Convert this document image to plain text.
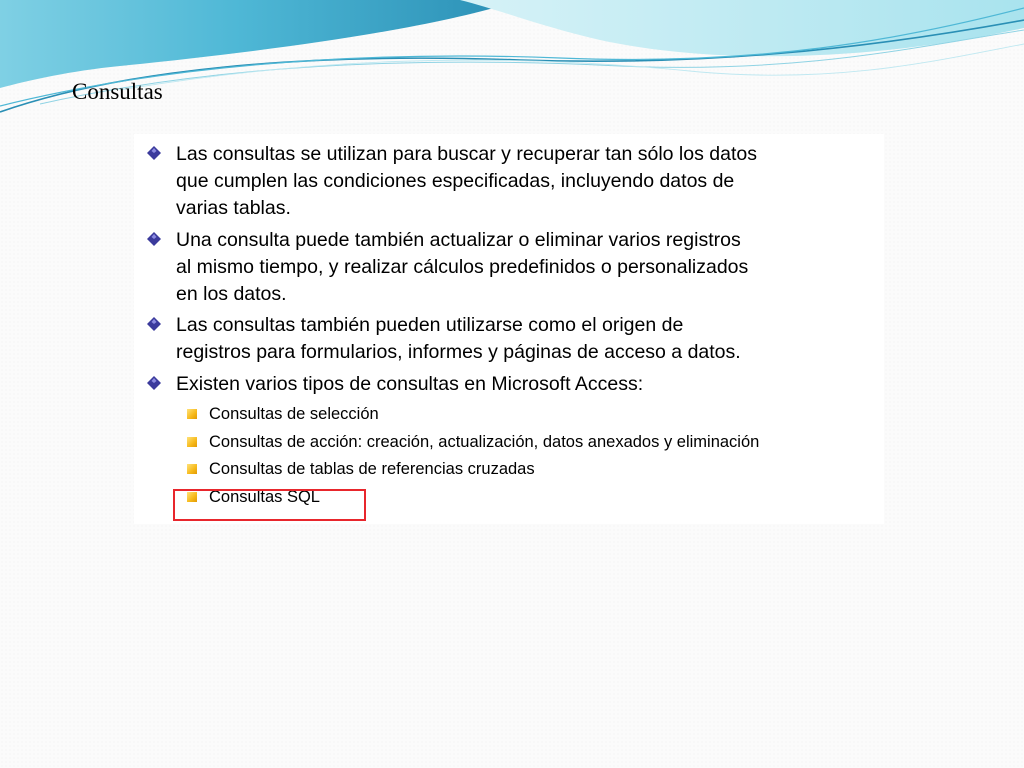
Consultas
Las consultas se utilizan para buscar y recuperar tan sólo los datos
que cumplen las condiciones especificadas, incluyendo datos de
varias tablas.
Una consulta puede también actualizar o eliminar varios registros
al mismo tiempo, y realizar cálculos predefinidos o personalizados
en los datos.
Las consultas también pueden utilizarse como el origen de
registros para formularios, informes y páginas de acceso a datos.
Existen varios tipos de consultas en Microsoft Access:
Consultas de selección
Consultas de acción: creación, actualización, datos anexados y eliminación
Consultas de tablas de referencias cruzadas
Consultas SQL
